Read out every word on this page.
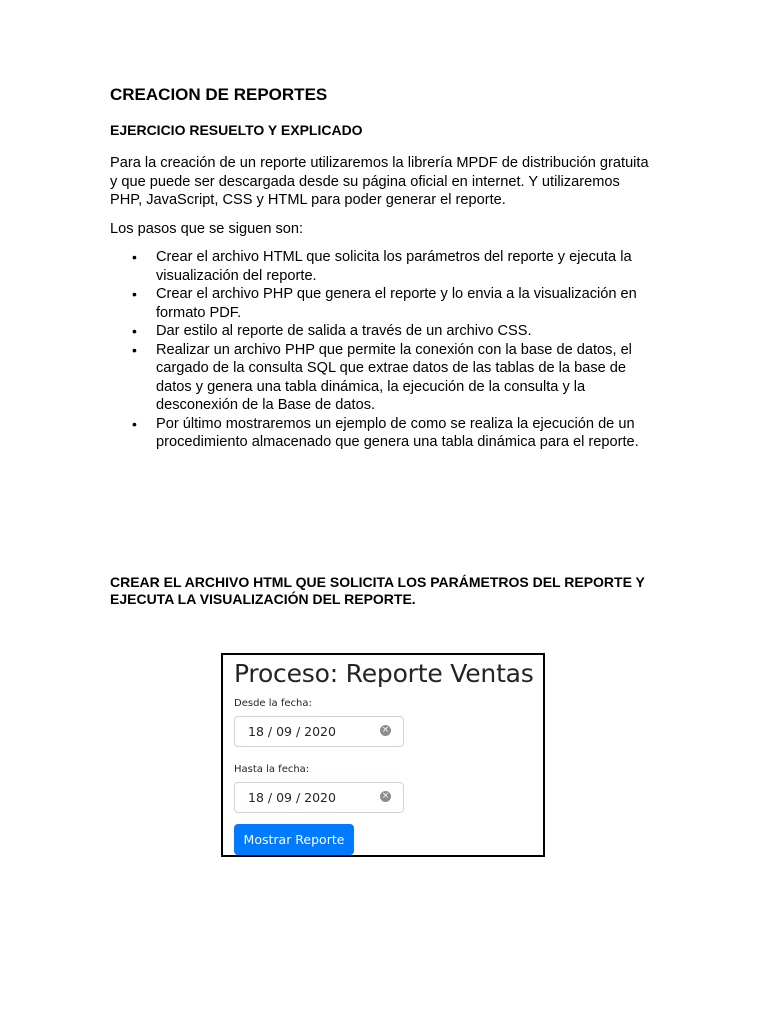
CREACION DE REPORTES
EJERCICIO RESUELTO Y EXPLICADO

Para la creación de un reporte utilizaremos la librería MPDF de distribución gratuita y que puede ser descargada desde su página oficial en internet. Y utilizaremos PHP, JavaScript, CSS y HTML para poder generar el reporte.

Los pasos que se siguen son:

• Crear el archivo HTML que solicita los parámetros del reporte y ejecuta la visualización del reporte.
• Crear el archivo PHP que genera el reporte y lo envia a la visualización en formato PDF.
• Dar estilo al reporte de salida a través de un archivo CSS.
• Realizar un archivo PHP que permite la conexión con la base de datos, el cargado de la consulta SQL que extrae datos de las tablas de la base de datos y genera una tabla dinámica, la ejecución de la consulta y la desconexión de la Base de datos.
• Por último mostraremos un ejemplo de como se realiza la ejecución de un procedimiento almacenado que genera una tabla dinámica para el reporte.
CREAR EL ARCHIVO HTML QUE SOLICITA LOS PARÁMETROS DEL REPORTE Y EJECUTA LA VISUALIZACIÓN DEL REPORTE.
Proceso: Reporte Ventas
Desde la fecha:
18 / 09 / 2020	×
Hasta la fecha:
18 / 09 / 2020	×
Mostrar Reporte
